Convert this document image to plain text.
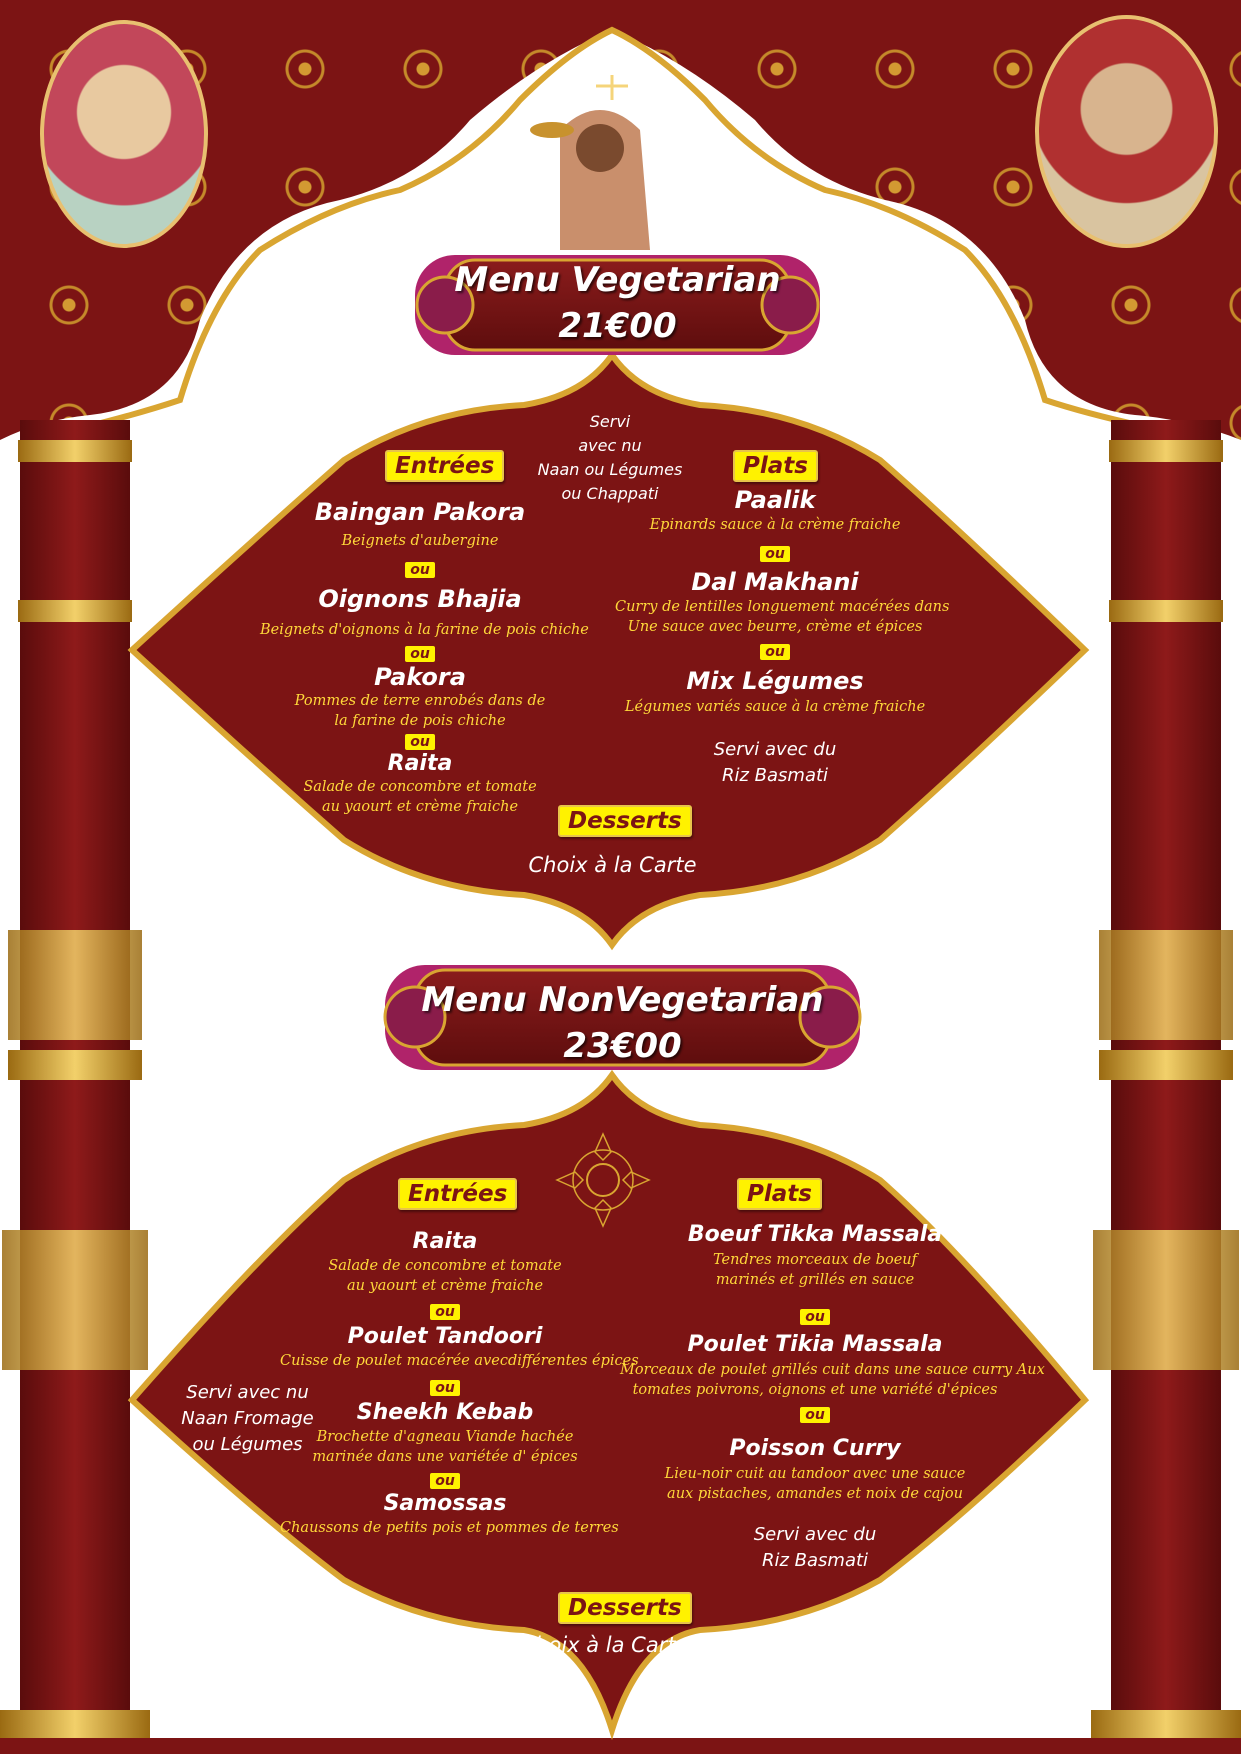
Menu Vegetarian
21€00
Servi
avec nu
Naan ou Légumes
ou Chappati
Entrées	Plats
Baingan Pakora
Beignets d'aubergine
ou
Oignons Bhajia
Beignets d'oignons à la farine de pois chiche
ou
Pakora
Pommes de terre enrobés dans de
la farine de pois chiche
ou
Raita
Salade de concombre et tomate
au yaourt et crème fraiche
Paalik
Epinards sauce à la crème fraiche
ou
Dal Makhani
Curry de lentilles longuement macérées dans
Une sauce avec beurre, crème et épices
ou
Mix Légumes
Légumes variés sauce à la crème fraiche
Servi avec du
Riz Basmati
Desserts
Choix à la Carte
Menu NonVegetarian
23€00
Entrées	Plats
Servi avec nu
Naan Fromage
ou Légumes
Raita
Salade de concombre et tomate
au yaourt et crème fraiche
ou
Poulet Tandoori
Cuisse de poulet macérée avecdifférentes épices
ou
Sheekh Kebab
Brochette d'agneau Viande hachée
marinée dans une variétée d' épices
ou
Samossas
Chaussons de petits pois et pommes de terres
Boeuf Tikka Massala
Tendres morceaux de boeuf
marinés et grillés en sauce
ou
Poulet Tikia Massala
Morceaux de poulet grillés cuit dans une sauce curry Aux
tomates poivrons, oignons et une variété d'épices
ou
Poisson Curry
Lieu-noir cuit au tandoor avec une sauce
aux pistaches, amandes et noix de cajou
Servi avec du
Riz Basmati
Desserts
Choix à la Carte
